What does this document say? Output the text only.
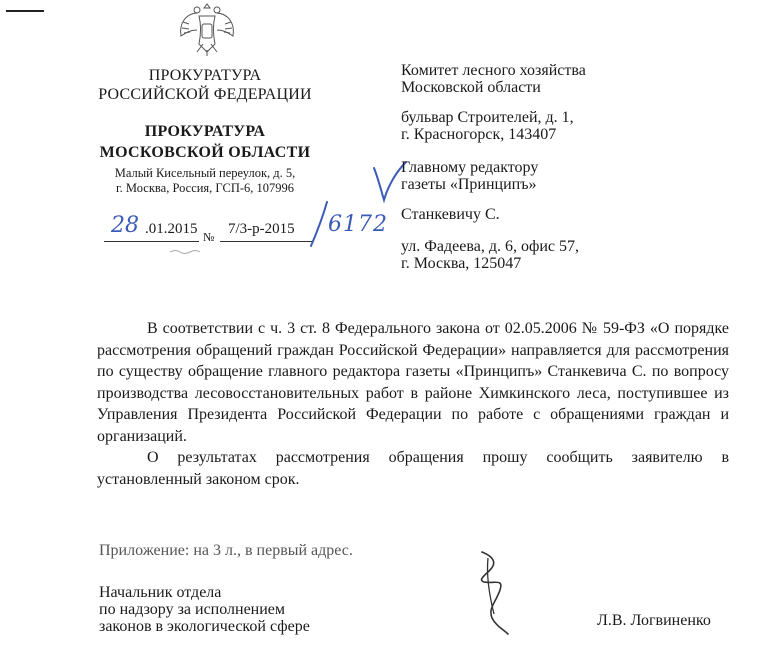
ПРОКУРАТУРА
РОССИЙСКОЙ ФЕДЕРАЦИИ
ПРОКУРАТУРА
МОСКОВСКОЙ ОБЛАСТИ
Малый Кисельный переулок, д. 5,
г. Москва, Россия, ГСП-6, 107996
28 .01.2015 № 7/3-р-2015 6172
Комитет лесного хозяйства
Московской области
бульвар Строителей, д. 1,
г. Красногорск, 143407
Главному редактору
газеты «Принципъ»
Станкевичу С.
ул. Фадеева, д. 6, офис 57,
г. Москва, 125047

В соответствии с ч. 3 ст. 8 Федерального закона от 02.05.2006 № 59-ФЗ «О порядке рассмотрения обращений граждан Российской Федерации» направляется для рассмотрения по существу обращение главного редактора газеты «Принципъ» Станкевича С. по вопросу производства лесовосстановительных работ в районе Химкинского леса, поступившее из Управления Президента Российской Федерации по работе с обращениями граждан и организаций.

О результатах рассмотрения обращения прошу сообщить заявителю в установленный законом срок.

Приложение: на 3 л., в первый адрес.
Начальник отдела
по надзору за исполнением
законов в экологической сфере	Л.В. Логвиненко
